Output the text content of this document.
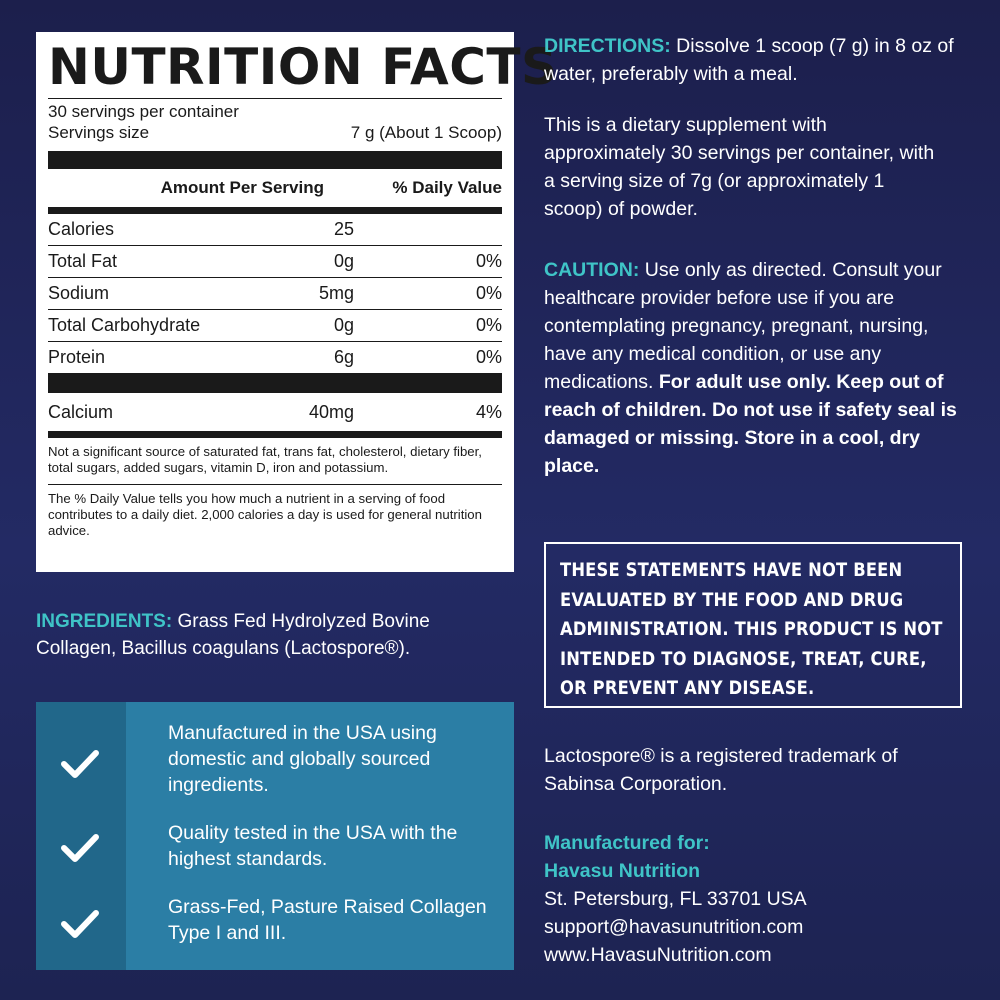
NUTRITION FACTS
30 servings per container
Servings size	7 g (About 1 Scoop)
Amount Per Serving	% Daily Value
Calories	25
Total Fat	0g	0%
Sodium	5mg	0%
Total Carbohydrate	0g	0%
Protein	6g	0%
Calcium	40mg	4%
Not a significant source of saturated fat, trans fat, cholesterol, dietary fiber, total sugars, added sugars, vitamin D, iron and potassium.
The % Daily Value tells you how much a nutrient in a serving of food contributes to a daily diet. 2,000 calories a day is used for general nutrition advice.
INGREDIENTS: Grass Fed Hydrolyzed Bovine Collagen, Bacillus coagulans (Lactospore®).
Manufactured in the USA using domestic and globally sourced ingredients.
Quality tested in the USA with the highest standards.
Grass-Fed, Pasture Raised Collagen Type I and III.
DIRECTIONS: Dissolve 1 scoop (7 g) in 8 oz of water, preferably with a meal.
This is a dietary supplement with approximately 30 servings per container, with a serving size of 7g (or approximately 1 scoop) of powder.
CAUTION: Use only as directed. Consult your healthcare provider before use if you are contemplating pregnancy, pregnant, nursing, have any medical condition, or use any medications. For adult use only. Keep out of reach of children. Do not use if safety seal is damaged or missing. Store in a cool, dry place.
THESE STATEMENTS HAVE NOT BEEN EVALUATED BY THE FOOD AND DRUG ADMINISTRATION. THIS PRODUCT IS NOT INTENDED TO DIAGNOSE, TREAT, CURE, OR PREVENT ANY DISEASE.
Lactospore® is a registered trademark of Sabinsa Corporation.
Manufactured for:
Havasu Nutrition
St. Petersburg, FL 33701 USA
support@havasunutrition.com
www.HavasuNutrition.com
